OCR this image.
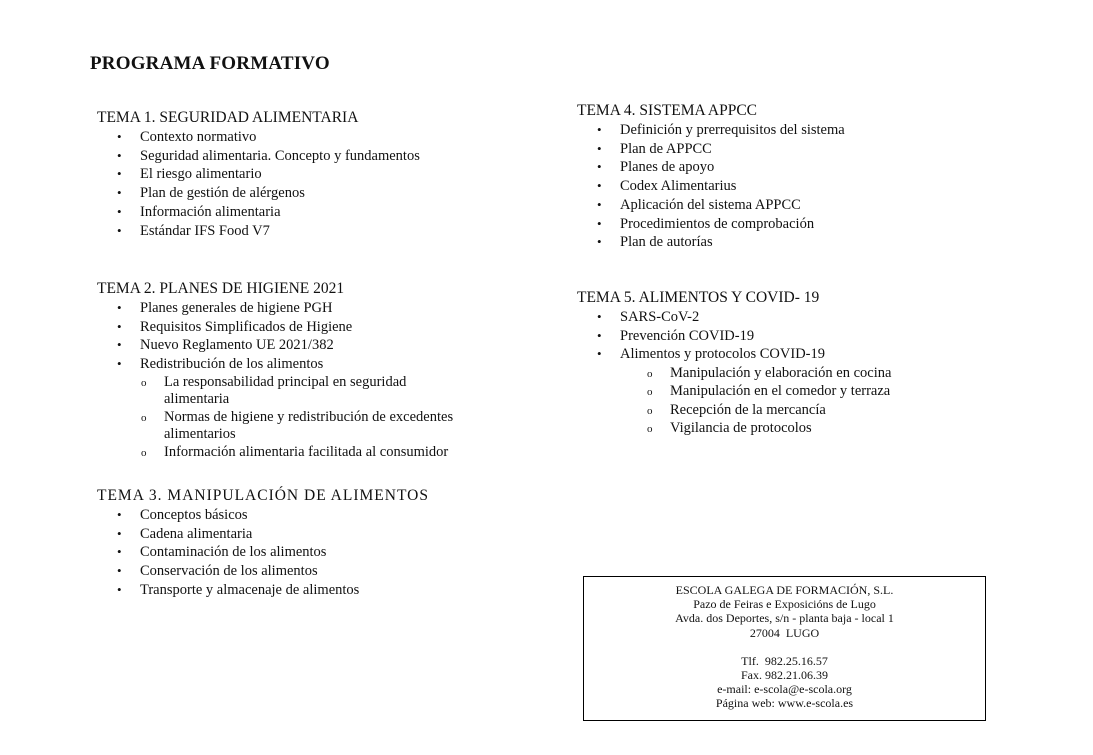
PROGRAMA FORMATIVO
TEMA 1. SEGURIDAD ALIMENTARIA
• Contexto normativo
• Seguridad alimentaria. Concepto y fundamentos
• El riesgo alimentario
• Plan de gestión de alérgenos
• Información alimentaria
• Estándar IFS Food V7
TEMA 2. PLANES DE HIGIENE 2021
• Planes generales de higiene PGH
• Requisitos Simplificados de Higiene
• Nuevo Reglamento UE 2021/382
• Redistribución de los alimentos
o La responsabilidad principal en seguridad alimentaria
o Normas de higiene y redistribución de excedentes alimentarios
o Información alimentaria facilitada al consumidor
TEMA 3. MANIPULACIÓN DE ALIMENTOS
• Conceptos básicos
• Cadena alimentaria
• Contaminación de los alimentos
• Conservación de los alimentos
• Transporte y almacenaje de alimentos
TEMA 4. SISTEMA APPCC
• Definición y prerrequisitos del sistema
• Plan de APPCC
• Planes de apoyo
• Codex Alimentarius
• Aplicación del sistema APPCC
• Procedimientos de comprobación
• Plan de autorías
TEMA 5. ALIMENTOS Y COVID- 19
• SARS-CoV-2
• Prevención COVID-19
• Alimentos y protocolos COVID-19
o Manipulación y elaboración en cocina
o Manipulación en el comedor y terraza
o Recepción de la mercancía
o Vigilancia de protocolos
ESCOLA GALEGA DE FORMACIÓN, S.L.
Pazo de Feiras e Exposicións de Lugo
Avda. dos Deportes, s/n - planta baja - local 1
27004  LUGO
Tlf.  982.25.16.57
Fax. 982.21.06.39
e-mail: e-scola@e-scola.org
Página web: www.e-scola.es
